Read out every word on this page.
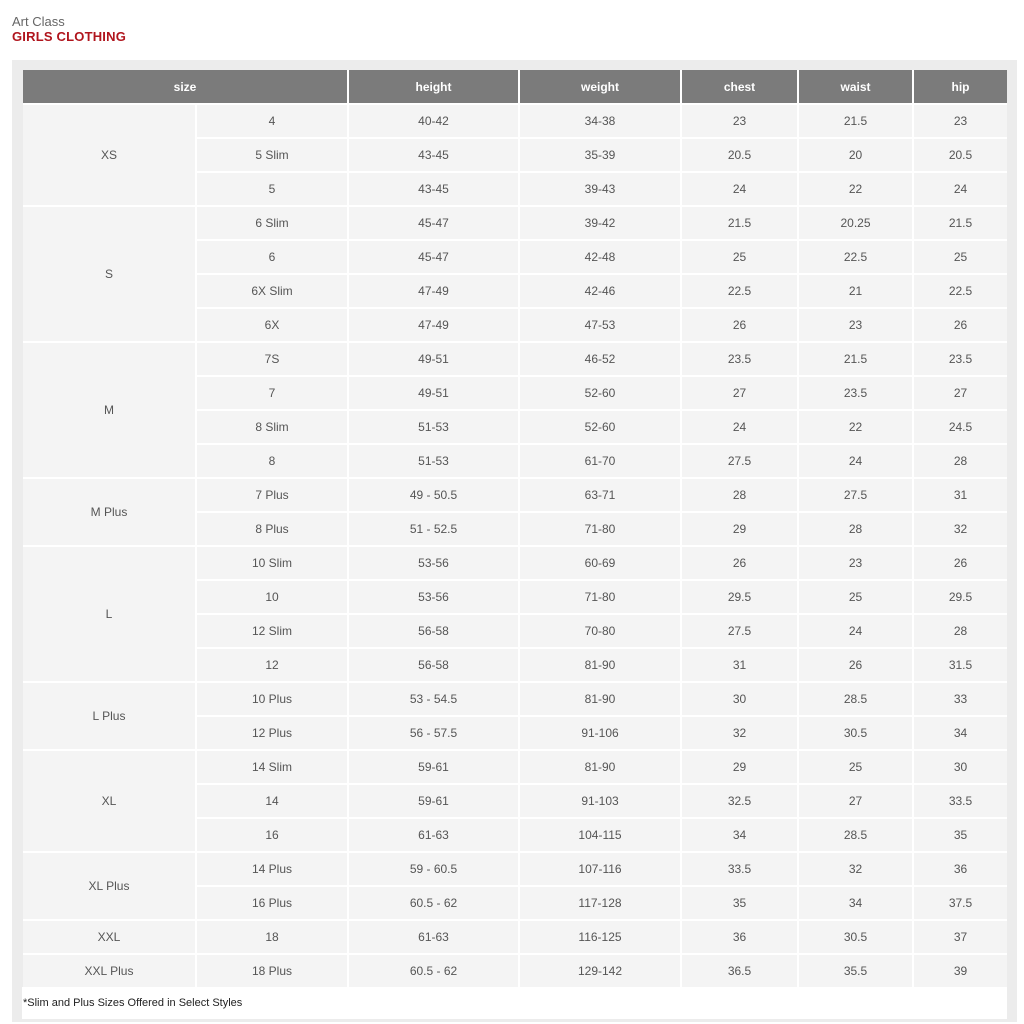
Art Class
GIRLS CLOTHING
size		height	weight	chest	waist	hip
XS	4	40-42	34-38	23	21.5	23
	5 Slim	43-45	35-39	20.5	20	20.5
	5	43-45	39-43	24	22	24
S	6 Slim	45-47	39-42	21.5	20.25	21.5
	6	45-47	42-48	25	22.5	25
	6X Slim	47-49	42-46	22.5	21	22.5
	6X	47-49	47-53	26	23	26
M	7S	49-51	46-52	23.5	21.5	23.5
	7	49-51	52-60	27	23.5	27
	8 Slim	51-53	52-60	24	22	24.5
	8	51-53	61-70	27.5	24	28
M Plus	7 Plus	49 - 50.5	63-71	28	27.5	31
	8 Plus	51 - 52.5	71-80	29	28	32
L	10 Slim	53-56	60-69	26	23	26
	10	53-56	71-80	29.5	25	29.5
	12 Slim	56-58	70-80	27.5	24	28
	12	56-58	81-90	31	26	31.5
L Plus	10 Plus	53 - 54.5	81-90	30	28.5	33
	12 Plus	56 - 57.5	91-106	32	30.5	34
XL	14 Slim	59-61	81-90	29	25	30
	14	59-61	91-103	32.5	27	33.5
	16	61-63	104-115	34	28.5	35
XL Plus	14 Plus	59 - 60.5	107-116	33.5	32	36
	16 Plus	60.5 - 62	117-128	35	34	37.5
XXL	18	61-63	116-125	36	30.5	37
XXL Plus	18 Plus	60.5 - 62	129-142	36.5	35.5	39
*Slim and Plus Sizes Offered in Select Styles
